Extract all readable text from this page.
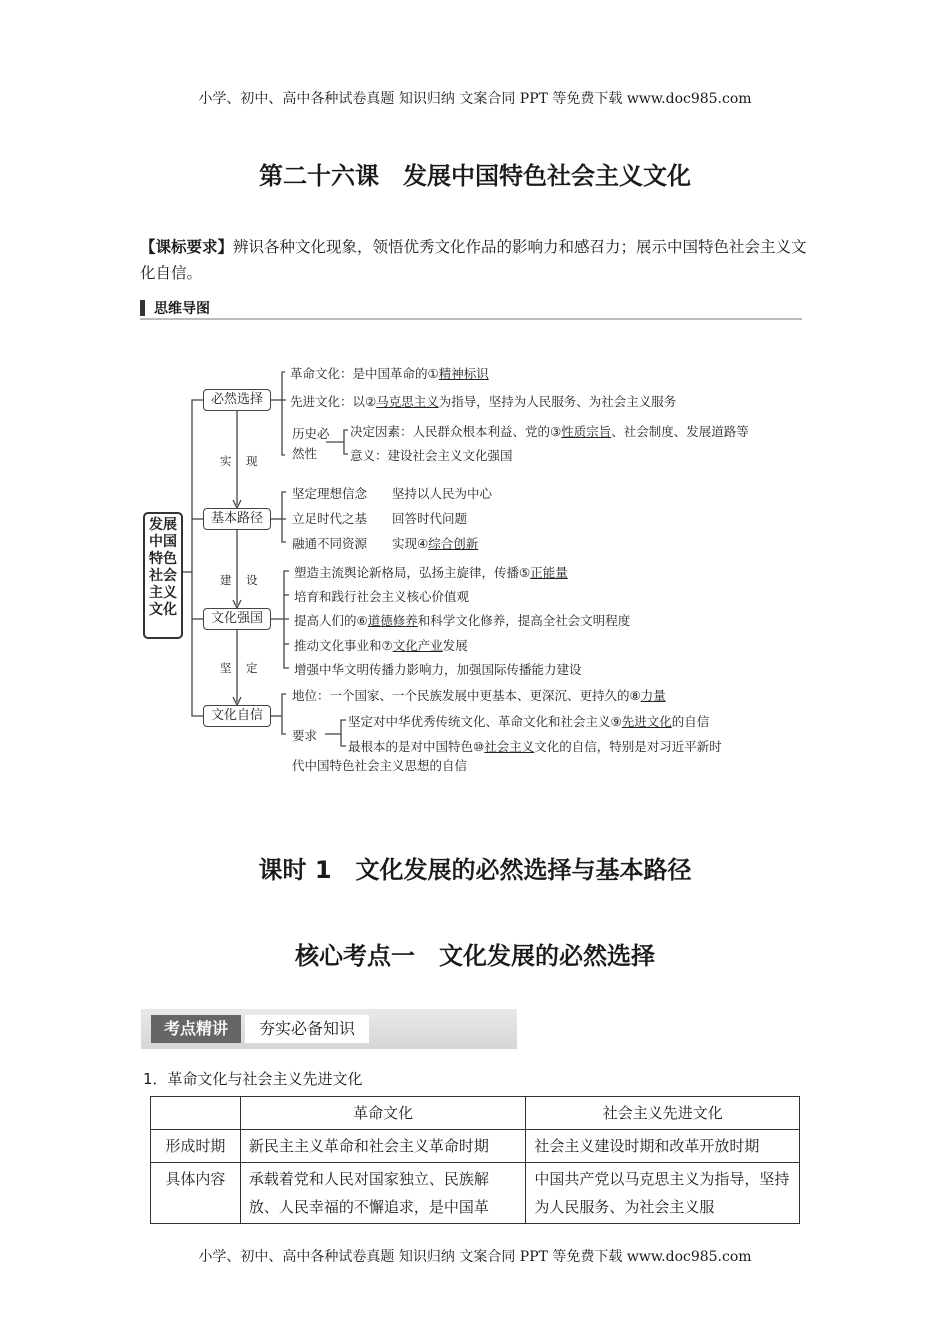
小学、初中、高中各种试卷真题 知识归纳 文案合同 PPT 等免费下载 www.doc985.com
第二十六课　发展中国特色社会主义文化
【课标要求】辨识各种文化现象，领悟优秀文化作品的影响力和感召力；展示中国特色社会主义文化自信。
思维导图
发展中国特色社会主义文化
必然选择
基本路径
文化强国
文化自信
实 现
建 设
坚 定
革命文化：是中国革命的①精神标识
先进文化：以②马克思主义为指导，坚持为人民服务、为社会主义服务
历史必
然性
决定因素：人民群众根本利益、党的③性质宗旨、社会制度、发展道路等
意义：建设社会主义文化强国
坚定理想信念　　坚持以人民为中心
立足时代之基　　回答时代问题
融通不同资源　　实现④综合创新
塑造主流舆论新格局，弘扬主旋律，传播⑤正能量
培育和践行社会主义核心价值观
提高人们的⑥道德修养和科学文化修养，提高全社会文明程度
推动文化事业和⑦文化产业发展
增强中华文明传播力影响力，加强国际传播能力建设
地位：一个国家、一个民族发展中更基本、更深沉、更持久的⑧力量
要求
坚定对中华优秀传统文化、革命文化和社会主义⑨先进文化的自信
最根本的是对中国特色⑩社会主义文化的自信，特别是对习近平新时
代中国特色社会主义思想的自信
课时 1　文化发展的必然选择与基本路径
核心考点一　文化发展的必然选择
考点精讲	夯实必备知识
1．革命文化与社会主义先进文化
	革命文化	社会主义先进文化
形成时期	新民主主义革命和社会主义革命时期	社会主义建设时期和改革开放时期
具体内容	承载着党和人民对国家独立、民族解放、人民幸福的不懈追求，是中国革	中国共产党以马克思主义为指导，坚持为人民服务、为社会主义服
小学、初中、高中各种试卷真题 知识归纳 文案合同 PPT 等免费下载 www.doc985.com
